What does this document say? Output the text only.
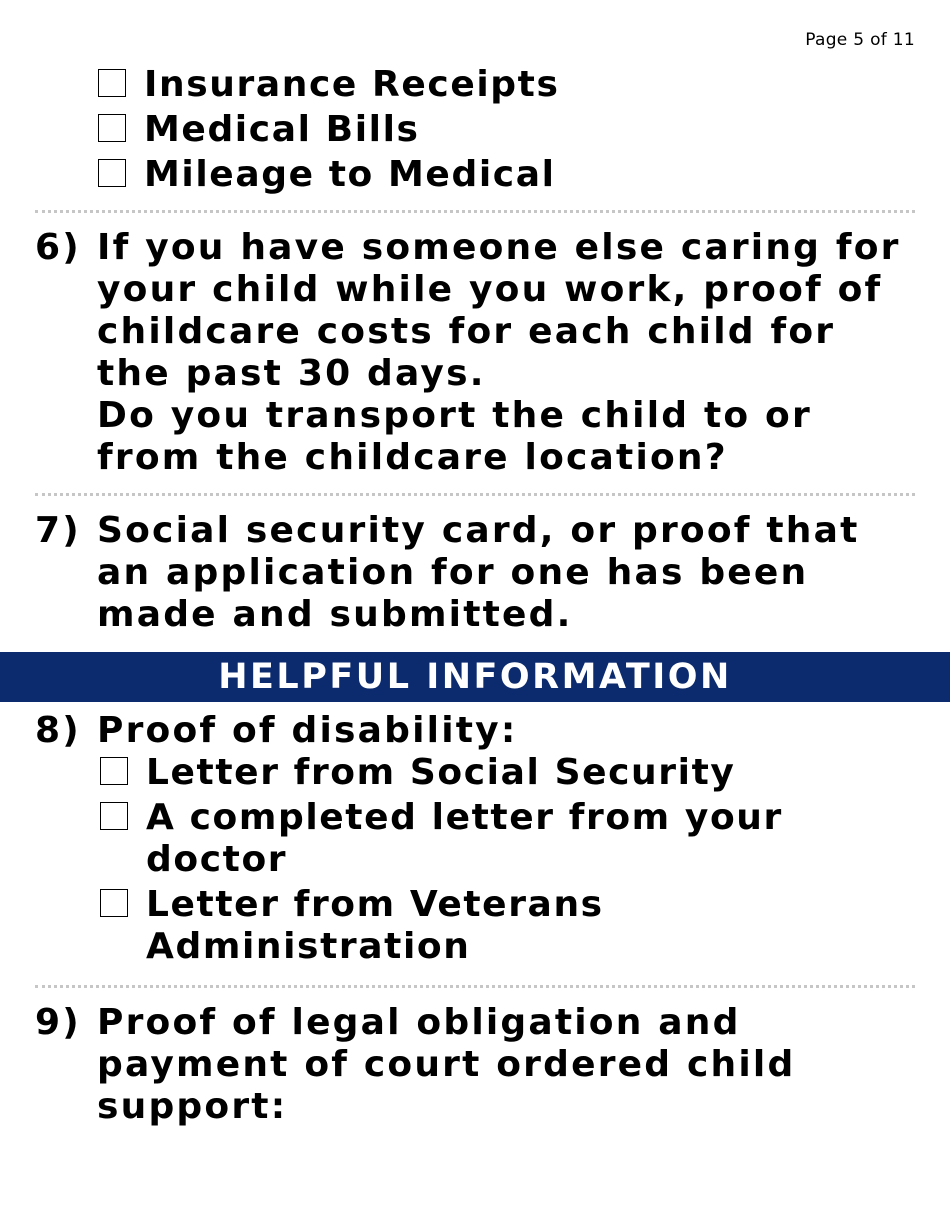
Page 5 of 11
Insurance Receipts
Medical Bills
Mileage to Medical
6) If you have someone else caring for your child while you work, proof of childcare costs for each child for the past 30 days.

Do you transport the child to or from the childcare location?

7) Social security card, or proof that an application for one has been made and submitted.

HELPFUL INFORMATION
8) Proof of disability:

Letter from Social Security
A completed letter from your doctor
Letter from Veterans Administration
9) Proof of legal obligation and payment of court ordered child support:
